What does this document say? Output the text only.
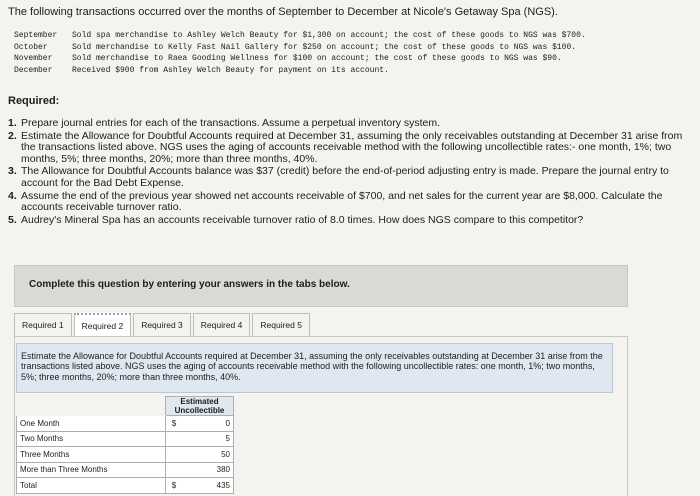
The following transactions occurred over the months of September to December at Nicole's Getaway Spa (NGS).
September	Sold spa merchandise to Ashley Welch Beauty for $1,300 on account; the cost of these goods to NGS was $700.
October	Sold merchandise to Kelly Fast Nail Gallery for $250 on account; the cost of these goods to NGS was $100.
November	Sold merchandise to Raea Gooding Wellness for $100 on account; the cost of these goods to NGS was $90.
December	Received $900 from Ashley Welch Beauty for payment on its account.
Required:
1. Prepare journal entries for each of the transactions. Assume a perpetual inventory system.
2. Estimate the Allowance for Doubtful Accounts required at December 31, assuming the only receivables outstanding at December 31 arise from the transactions listed above. NGS uses the aging of accounts receivable method with the following uncollectible rates:- one month, 1%; two months, 5%; three months, 20%; more than three months, 40%.
3. The Allowance for Doubtful Accounts balance was $37 (credit) before the end-of-period adjusting entry is made. Prepare the journal entry to account for the Bad Debt Expense.
4. Assume the end of the previous year showed net accounts receivable of $700, and net sales for the current year are $8,000. Calculate the accounts receivable turnover ratio.
5. Audrey's Mineral Spa has an accounts receivable turnover ratio of 8.0 times. How does NGS compare to this competitor?
Complete this question by entering your answers in the tabs below.
Required 1	Required 2	Required 3	Required 4	Required 5
Estimate the Allowance for Doubtful Accounts required at December 31, assuming the only receivables outstanding at December 31 arise from the transactions listed above. NGS uses the aging of accounts receivable method with the following uncollectible rates: one month, 1%; two months, 5%; three months, 20%; more than three months, 40%.
	Estimated Uncollectible	
One Month	$	0
Two Months		5
Three Months		50
More than Three Months		380
Total	$	435
